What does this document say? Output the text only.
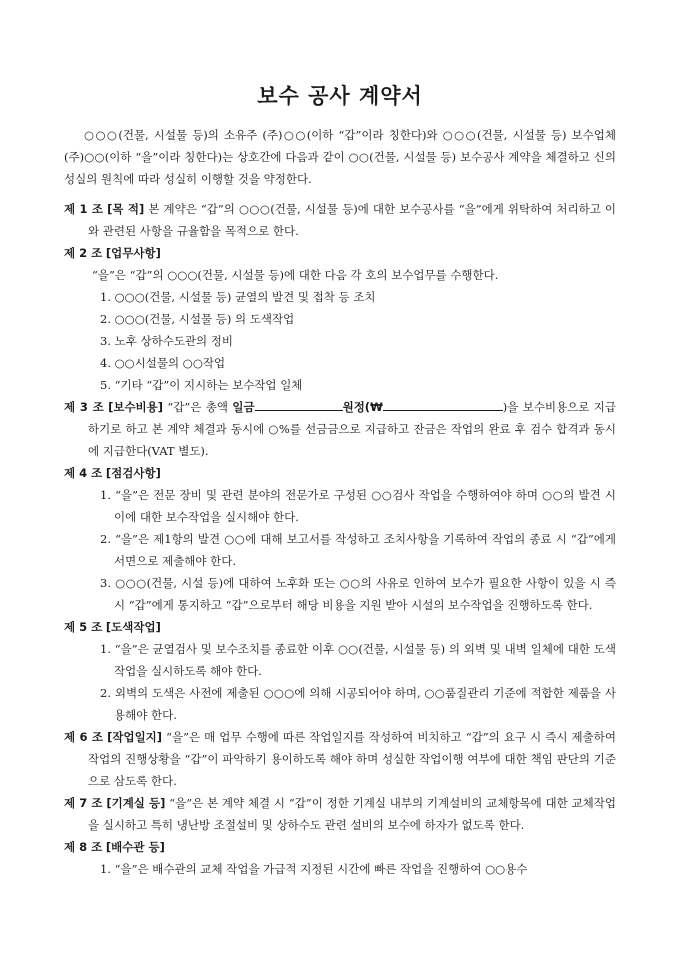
보수 공사 계약서

○○○(건물, 시설물 등)의 소유주 (주)○○(이하 “갑”이라 칭한다)와 ○○○(건물, 시설물 등) 보수업체 (주)○○(이하 “을”이라 칭한다)는 상호간에 다음과 같이 ○○(건물, 시설물 등) 보수공사 계약을 체결하고 신의성실의 원칙에 따라 성실히 이행할 것을 약정한다.

제 1 조 [목 적] 본 계약은 “갑”의 ○○○(건물, 시설물 등)에 대한 보수공사를 “을”에게 위탁하여 처리하고 이와 관련된 사항을 규율함을 목적으로 한다.

제 2 조 [업무사항]

“을”은 “갑”의 ○○○(건물, 시설물 등)에 대한 다음 각 호의 보수업무를 수행한다.

1. ○○○(건물, 시설물 등) 균열의 발견 및 접착 등 조치
2. ○○○(건물, 시설물 등) 의 도색작업
3. 노후 상하수도관의 정비
4. ○○시설물의 ○○작업
5. “기타 “갑”이 지시하는 보수작업 일체

제 3 조 [보수비용] “갑”은 총액 일금	원정(₩	)을 보수비용으로 지급하기로 하고 본 계약 체결과 동시에 ○%를 선금금으로 지급하고 잔금은 작업의 완료 후 검수 합격과 동시에 지급한다(VAT 별도).

제 4 조 [점검사항]

1. “을”은 전문 장비 및 관련 분야의 전문가로 구성된 ○○검사 작업을 수행하여야 하며 ○○의 발견 시 이에 대한 보수작업을 실시해야 한다.
2. “을”은 제1항의 발견 ○○에 대해 보고서를 작성하고 조치사항을 기록하여 작업의 종료 시 “갑”에게 서면으로 제출해야 한다.
3. ○○○(건물, 시설 등)에 대하여 노후화 또는 ○○의 사유로 인하여 보수가 필요한 사항이 있을 시 즉시 “갑”에게 통지하고 “갑”으로부터 해당 비용을 지원 받아 시설의 보수작업을 진행하도록 한다.

제 5 조 [도색작업]

1. “을”은 균열검사 및 보수조치를 종료한 이후 ○○(건물, 시설물 등) 의 외벽 및 내벽 일체에 대한 도색작업을 실시하도록 해야 한다.
2. 외벽의 도색은 사전에 제출된 ○○○에 의해 시공되어야 하며, ○○품질관리 기준에 적합한 제품을 사용해야 한다.

제 6 조 [작업일지] “을”은 매 업무 수행에 따른 작업일지를 작성하여 비치하고 “갑”의 요구 시 즉시 제출하여 작업의 진행상황을 “갑”이 파악하기 용이하도록 해야 하며 성실한 작업이행 여부에 대한 책임 판단의 기준으로 삼도록 한다.

제 7 조 [기계실 등] “을”은 본 계약 체결 시 “갑”이 정한 기계실 내부의 기계설비의 교체항목에 대한 교체작업을 실시하고 특히 냉난방 조절설비 및 상하수도 관련 설비의 보수에 하자가 없도록 한다.

제 8 조 [배수관 등]

1. “을”은 배수관의 교체 작업을 가급적 지정된 시간에 빠른 작업을 진행하여 ○○용수
